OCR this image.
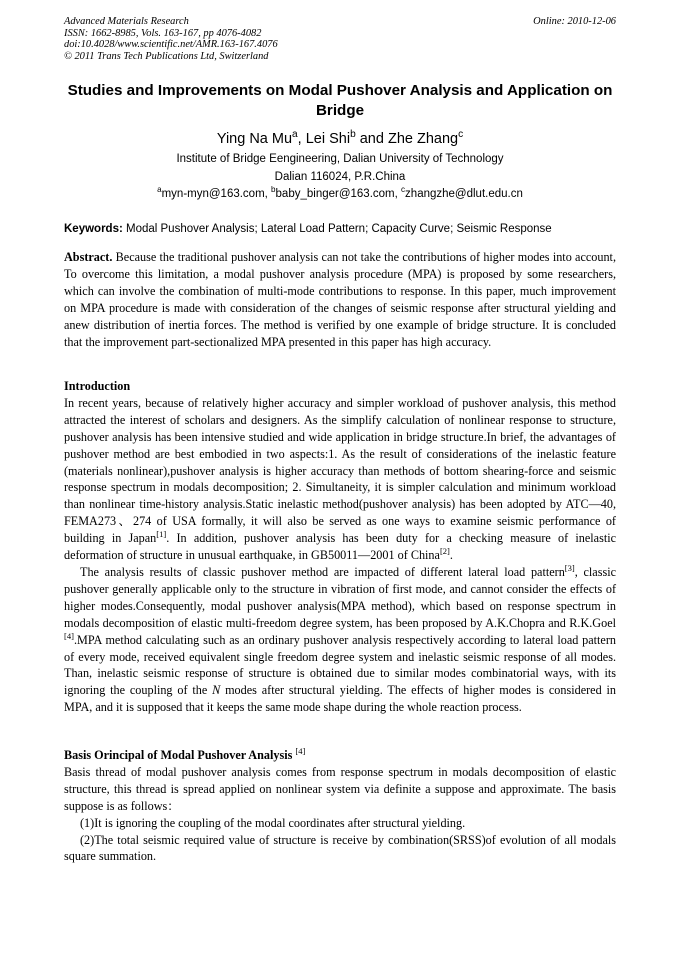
Advanced Materials Research
ISSN: 1662-8985, Vols. 163-167, pp 4076-4082
doi:10.4028/www.scientific.net/AMR.163-167.4076
© 2011 Trans Tech Publications Ltd, Switzerland
Online: 2010-12-06
Studies and Improvements on Modal Pushover Analysis and Application on Bridge
Ying Na Mu$^a$, Lei Shi$^b$ and Zhe Zhang$^c$
Institute of Bridge Eengineering, Dalian University of Technology
Dalian 116024, P.R.China
$^a$myn-myn@163.com, $^b$baby_binger@163.com, $^c$zhangzhe@dlut.edu.cn
Keywords: Modal Pushover Analysis; Lateral Load Pattern; Capacity Curve; Seismic Response

Abstract. Because the traditional pushover analysis can not take the contributions of higher modes into account, To overcome this limitation, a modal pushover analysis procedure (MPA) is proposed by some researchers, which can involve the combination of multi-mode contributions to response. In this paper, much improvement on MPA procedure is made with consideration of the changes of seismic response after structural yielding and anew distribution of inertia forces. The method is verified by one example of bridge structure. It is concluded that the improvement part-sectionalized MPA presented in this paper has high accuracy.

Introduction

In recent years, because of relatively higher accuracy and simpler workload of pushover analysis, this method attracted the interest of scholars and designers. As the simplify calculation of nonlinear response to structure, pushover analysis has been intensive studied and wide application in bridge structure.In brief, the advantages of pushover method are best embodied in two aspects:1. As the result of considerations of the inelastic feature (materials nonlinear),pushover analysis is higher accuracy than methods of bottom shearing-force and seismic response spectrum in modals decomposition; 2. Simultaneity, it is simpler calculation and minimum workload than nonlinear time-history analysis.Static inelastic method(pushover analysis) has been adopted by ATC—40, FEMA273、274 of USA formally, it will also be served as one ways to examine seismic performance of building in Japan[1]. In addition, pushover analysis has been duty for a checking measure of inelastic deformation of structure in unusual earthquake, in GB50011—2001 of China[2].

The analysis results of classic pushover method are impacted of different lateral load pattern[3], classic pushover generally applicable only to the structure in vibration of first mode, and cannot consider the effects of higher modes.Consequently, modal pushover analysis(MPA method), which based on response spectrum in modals decomposition of elastic multi-freedom degree system, has been proposed by A.K.Chopra and R.K.Goel [4].MPA method calculating such as an ordinary pushover analysis respectively according to lateral load pattern of every mode, received equivalent single freedom degree system and inelastic seismic response of all modes. Than, inelastic seismic response of structure is obtained due to similar modes combinatorial ways, with its ignoring the coupling of the N modes after structural yielding. The effects of higher modes is considered in MPA, and it is supposed that it keeps the same mode shape during the whole reaction process.

Basis Orincipal of Modal Pushover Analysis [4]

Basis thread of modal pushover analysis comes from response spectrum in modals decomposition of elastic structure, this thread is spread applied on nonlinear system via definite a suppose and approximate. The basis suppose is as follows：

(1)It is ignoring the coupling of the modal coordinates after structural yielding.

(2)The total seismic required value of structure is receive by combination(SRSS)of evolution of all modals square summation.
